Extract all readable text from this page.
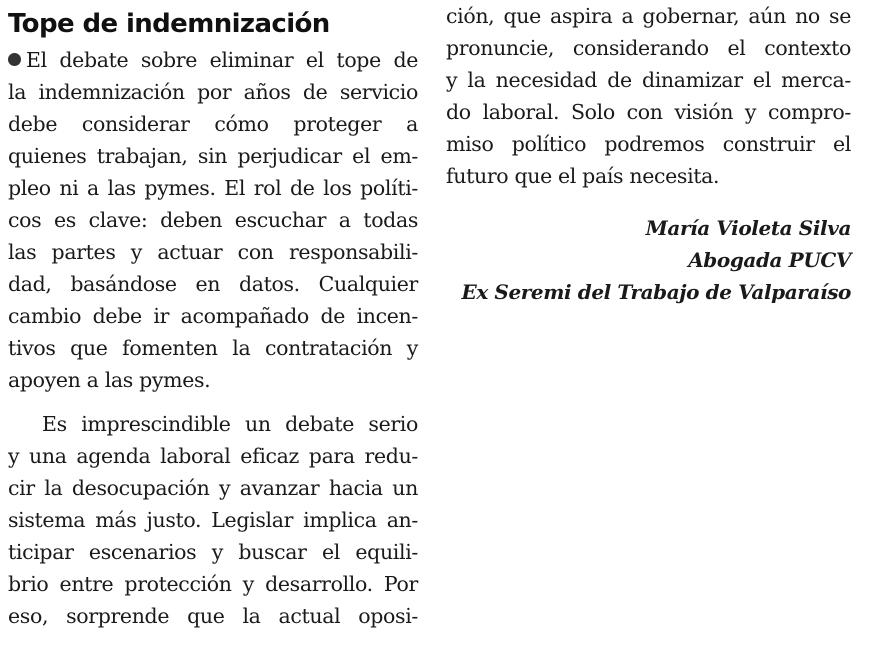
Tope de indemnización
El debate sobre eliminar el tope de
la indemnización por años de servicio
debe considerar cómo proteger a
quienes trabajan, sin perjudicar el em-
pleo ni a las pymes. El rol de los políti-
cos es clave: deben escuchar a todas
las partes y actuar con responsabili-
dad, basándose en datos. Cualquier
cambio debe ir acompañado de incen-
tivos que fomenten la contratación y
apoyen a las pymes.
Es imprescindible un debate serio
y una agenda laboral eficaz para redu-
cir la desocupación y avanzar hacia un
sistema más justo. Legislar implica an-
ticipar escenarios y buscar el equili-
brio entre protección y desarrollo. Por
eso, sorprende que la actual oposi-
ción, que aspira a gobernar, aún no se
pronuncie, considerando el contexto
y la necesidad de dinamizar el merca-
do laboral. Solo con visión y compro-
miso político podremos construir el
futuro que el país necesita.
María Violeta Silva
Abogada PUCV
Ex Seremi del Trabajo de Valparaíso
